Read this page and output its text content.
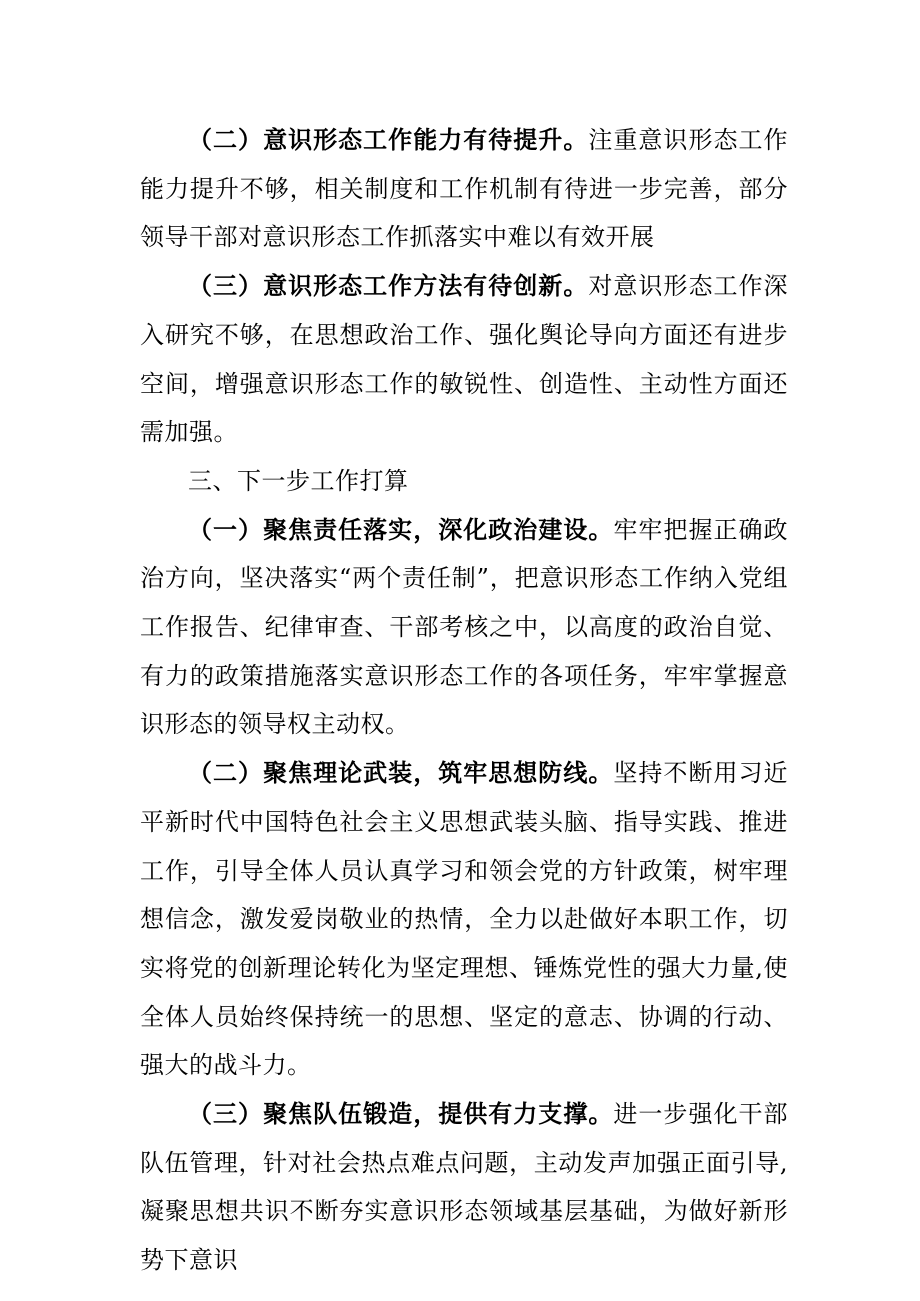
（二）意识形态工作能力有待提升。注重意识形态工作能力提升不够，相关制度和工作机制有待进一步完善，部分领导干部对意识形态工作抓落实中难以有效开展

（三）意识形态工作方法有待创新。对意识形态工作深入研究不够，在思想政治工作、强化舆论导向方面还有进步空间，增强意识形态工作的敏锐性、创造性、主动性方面还需加强。

三、下一步工作打算

（一）聚焦责任落实，深化政治建设。牢牢把握正确政治方向，坚决落实“两个责任制”，把意识形态工作纳入党组工作报告、纪律审查、干部考核之中，以高度的政治自觉、有力的政策措施落实意识形态工作的各项任务，牢牢掌握意识形态的领导权主动权。

（二）聚焦理论武装，筑牢思想防线。坚持不断用习近平新时代中国特色社会主义思想武装头脑、指导实践、推进工作，引导全体人员认真学习和领会党的方针政策，树牢理想信念，激发爱岗敬业的热情，全力以赴做好本职工作，切实将党的创新理论转化为坚定理想、锤炼党性的强大力量,使全体人员始终保持统一的思想、坚定的意志、协调的行动、强大的战斗力。

（三）聚焦队伍锻造，提供有力支撑。进一步强化干部队伍管理，针对社会热点难点问题，主动发声加强正面引导,凝聚思想共识不断夯实意识形态领域基层基础，为做好新形势下意识
